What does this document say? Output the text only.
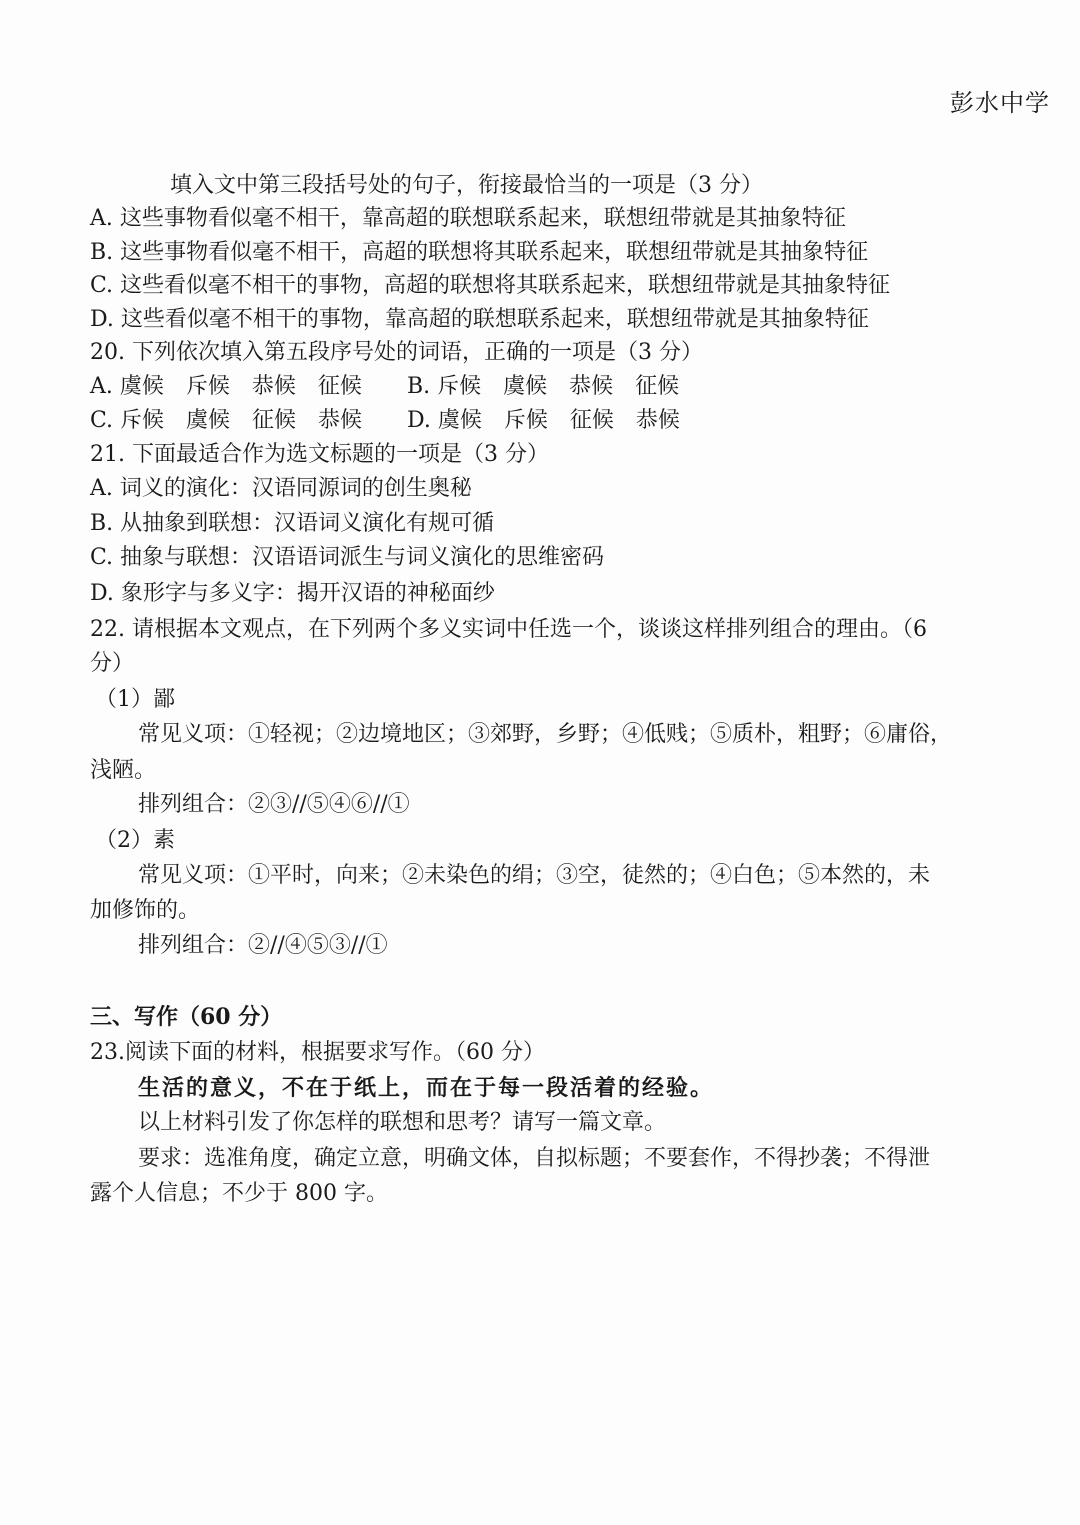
彭水中学
填入文中第三段括号处的句子，衔接最恰当的一项是（3 分）
A. 这些事物看似毫不相干，靠高超的联想联系起来，联想纽带就是其抽象特征
B. 这些事物看似毫不相干，高超的联想将其联系起来，联想纽带就是其抽象特征
C. 这些看似毫不相干的事物，高超的联想将其联系起来，联想纽带就是其抽象特征
D. 这些看似毫不相干的事物，靠高超的联想联系起来，联想纽带就是其抽象特征
20. 下列依次填入第五段序号处的词语，正确的一项是（3 分）
A. 虞候　斥候　恭候　征候 B. 斥候　虞候　恭候　征候
C. 斥候　虞候　征候　恭候 D. 虞候　斥候　征候　恭候
21. 下面最适合作为选文标题的一项是（3 分）
A. 词义的演化：汉语同源词的创生奥秘
B. 从抽象到联想：汉语词义演化有规可循
C. 抽象与联想：汉语语词派生与词义演化的思维密码
D. 象形字与多义字：揭开汉语的神秘面纱
22. 请根据本文观点，在下列两个多义实词中任选一个，谈谈这样排列组合的理由。（6
分）
（1）鄙
常见义项：①轻视；②边境地区；③郊野，乡野；④低贱；⑤质朴，粗野；⑥庸俗，
浅陋。
排列组合：②③//⑤④⑥//①
（2）素
常见义项：①平时，向来；②未染色的绢；③空，徒然的；④白色；⑤本然的，未
加修饰的。
排列组合：②//④⑤③//①
三、写作（60 分）
23.阅读下面的材料，根据要求写作。（60 分）
生活的意义，不在于纸上，而在于每一段活着的经验。
以上材料引发了你怎样的联想和思考？请写一篇文章。
要求：选准角度，确定立意，明确文体，自拟标题；不要套作，不得抄袭；不得泄
露个人信息；不少于 800 字。
